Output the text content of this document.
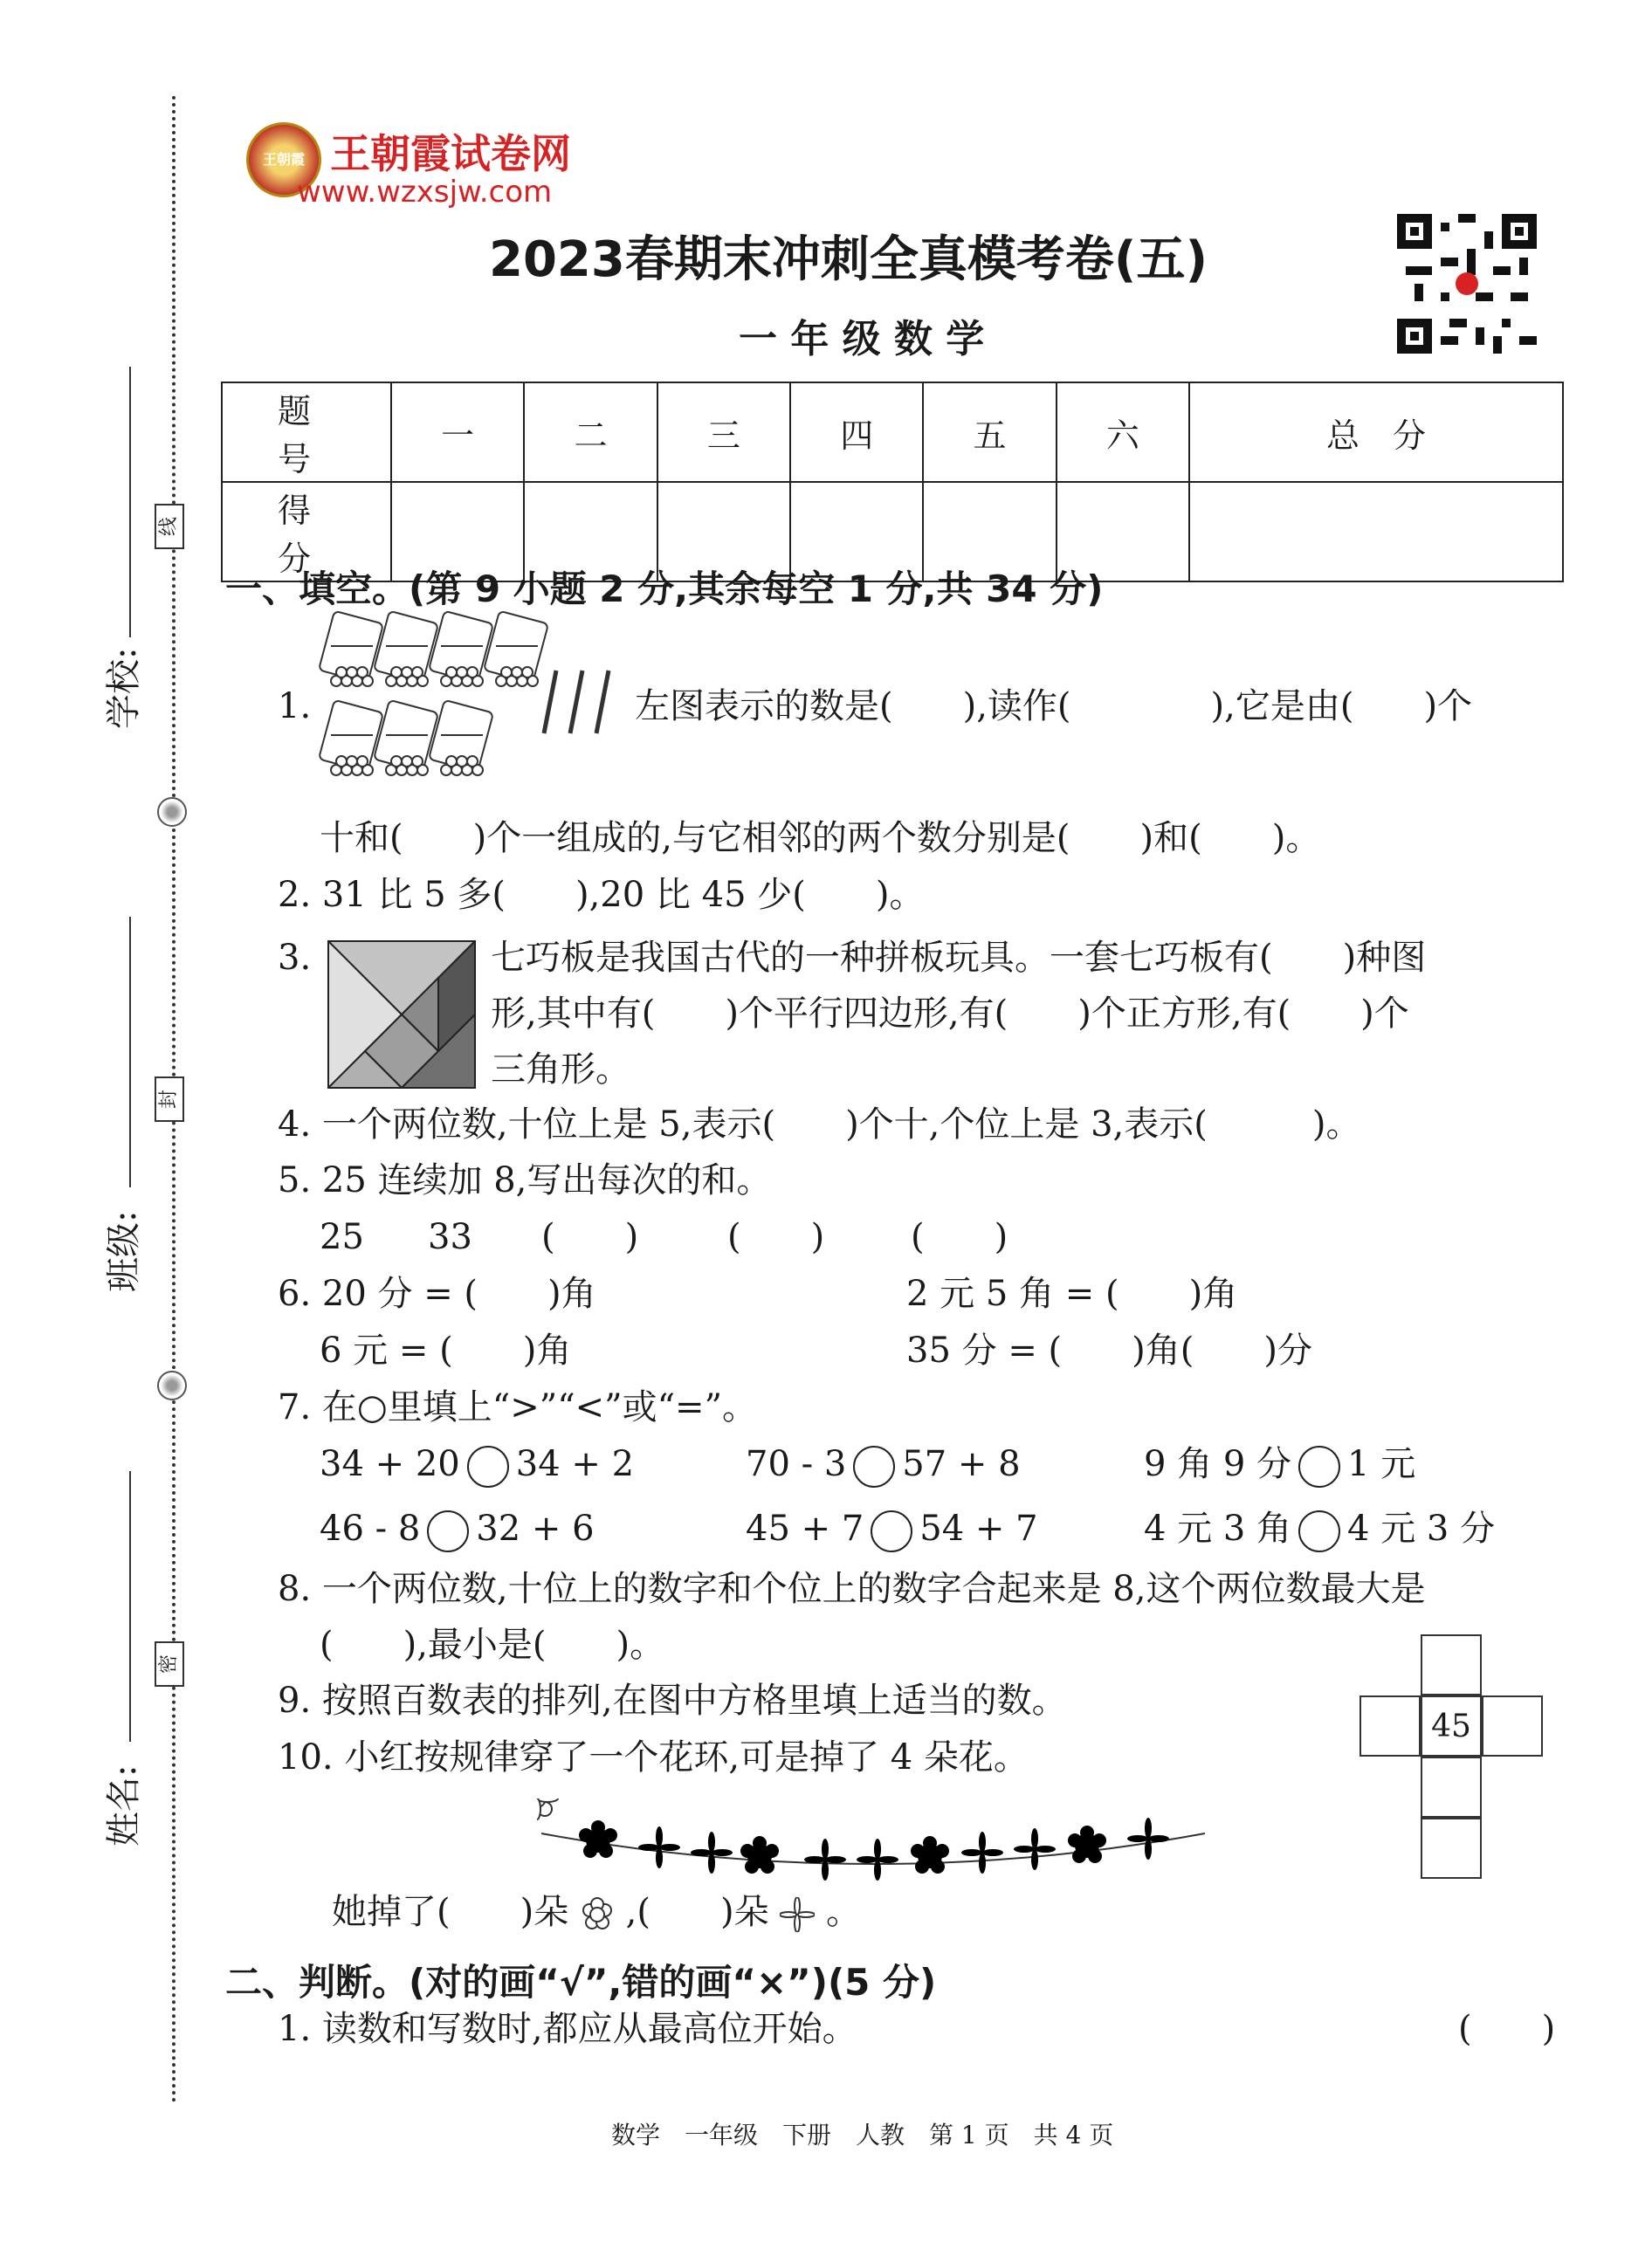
学校:
班级:
姓名:
线
封
密
王朝霞 王朝霞试卷网
www.wzxsjw.com
2023春期末冲刺全真模考卷(五)
一 年 级 数 学
题　号	一	二	三	四	五	六	总　分
得　分							
一、填空。(第 9 小题 2 分,其余每空 1 分,共 34 分)
1.	左图表示的数是(　　),读作(　　　　),它是由(　　)个
十和(　　)个一组成的,与它相邻的两个数分别是(　　)和(　　)。
2. 31 比 5 多(　　),20 比 45 少(　　)。
3.	七巧板是我国古代的一种拼板玩具。一套七巧板有(　　)种图
形,其中有(　　)个平行四边形,有(　　)个正方形,有(　　)个
三角形。
4. 一个两位数,十位上是 5,表示(　　)个十,个位上是 3,表示(　　　)。
5. 25 连续加 8,写出每次的和。
25 33 (　　)	(　　) (　　)
6. 20 分 = (　　)角	2 元 5 角 = (　　)角
6 元 = (　　)角	35 分 = (　　)角(　　)分
7. 在○里填上“>”“<”或“=”。
34 + 20 34 + 2	70 - 3 57 + 8	9 角 9 分 1 元
46 - 8 32 + 6	45 + 7 54 + 7	4 元 3 角 4 元 3 分
8. 一个两位数,十位上的数字和个位上的数字合起来是 8,这个两位数最大是
(　　),最小是(　　)。
9. 按照百数表的排列,在图中方格里填上适当的数。
45
10. 小红按规律穿了一个花环,可是掉了 4 朵花。
她掉了(　　)朵 ,(　　)朵 。
二、判断。(对的画“√”,错的画“×”)(5 分)
1. 读数和写数时,都应从最高位开始。	(　　)
数学　一年级　下册　人教　第 1 页　共 4 页
